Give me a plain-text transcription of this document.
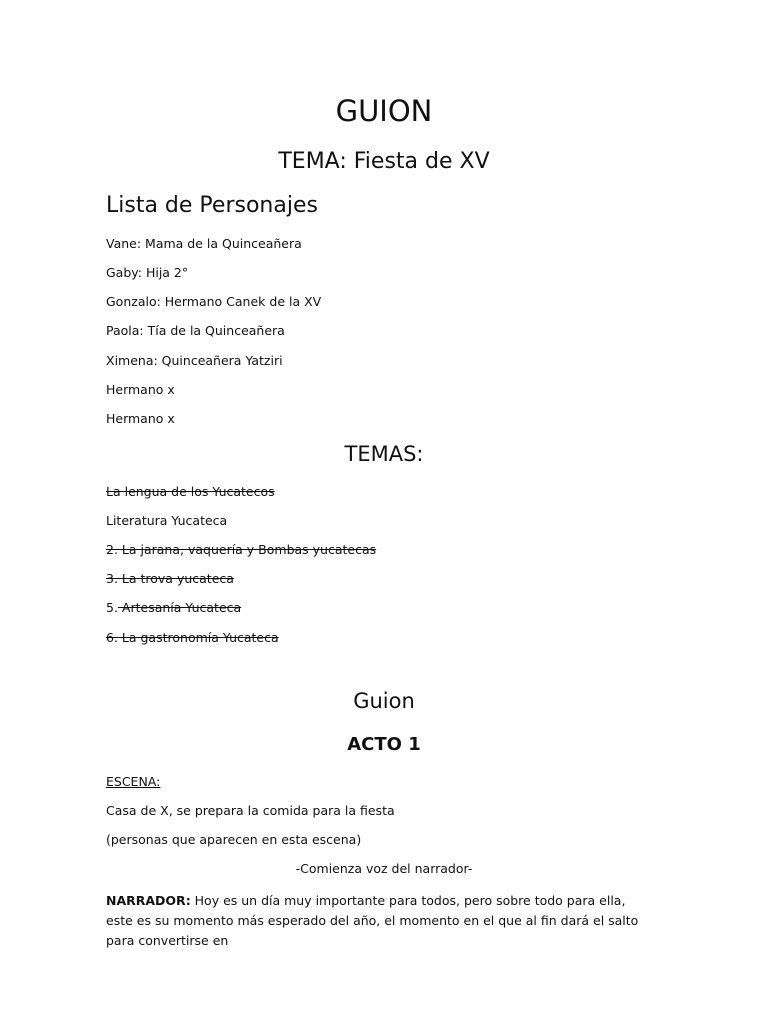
GUION
TEMA: Fiesta de XV
Lista de Personajes
Vane: Mama de la Quinceañera
Gaby: Hija 2°
Gonzalo: Hermano Canek de la XV
Paola: Tía de la Quinceañera
Ximena: Quinceañera Yatziri
Hermano x
Hermano x
TEMAS:
La lengua de los Yucatecos
Literatura Yucateca
2. La jarana, vaquería y Bombas yucatecas
3. La trova yucateca
5. Artesanía Yucateca
6. La gastronomía Yucateca
Guion
ACTO 1
ESCENA:
Casa de X, se prepara la comida para la fiesta
(personas que aparecen en esta escena)
-Comienza voz del narrador-
NARRADOR: Hoy es un día muy importante para todos, pero sobre todo para ella, este es su momento más esperado del año, el momento en el que al fin dará el salto para convertirse en
